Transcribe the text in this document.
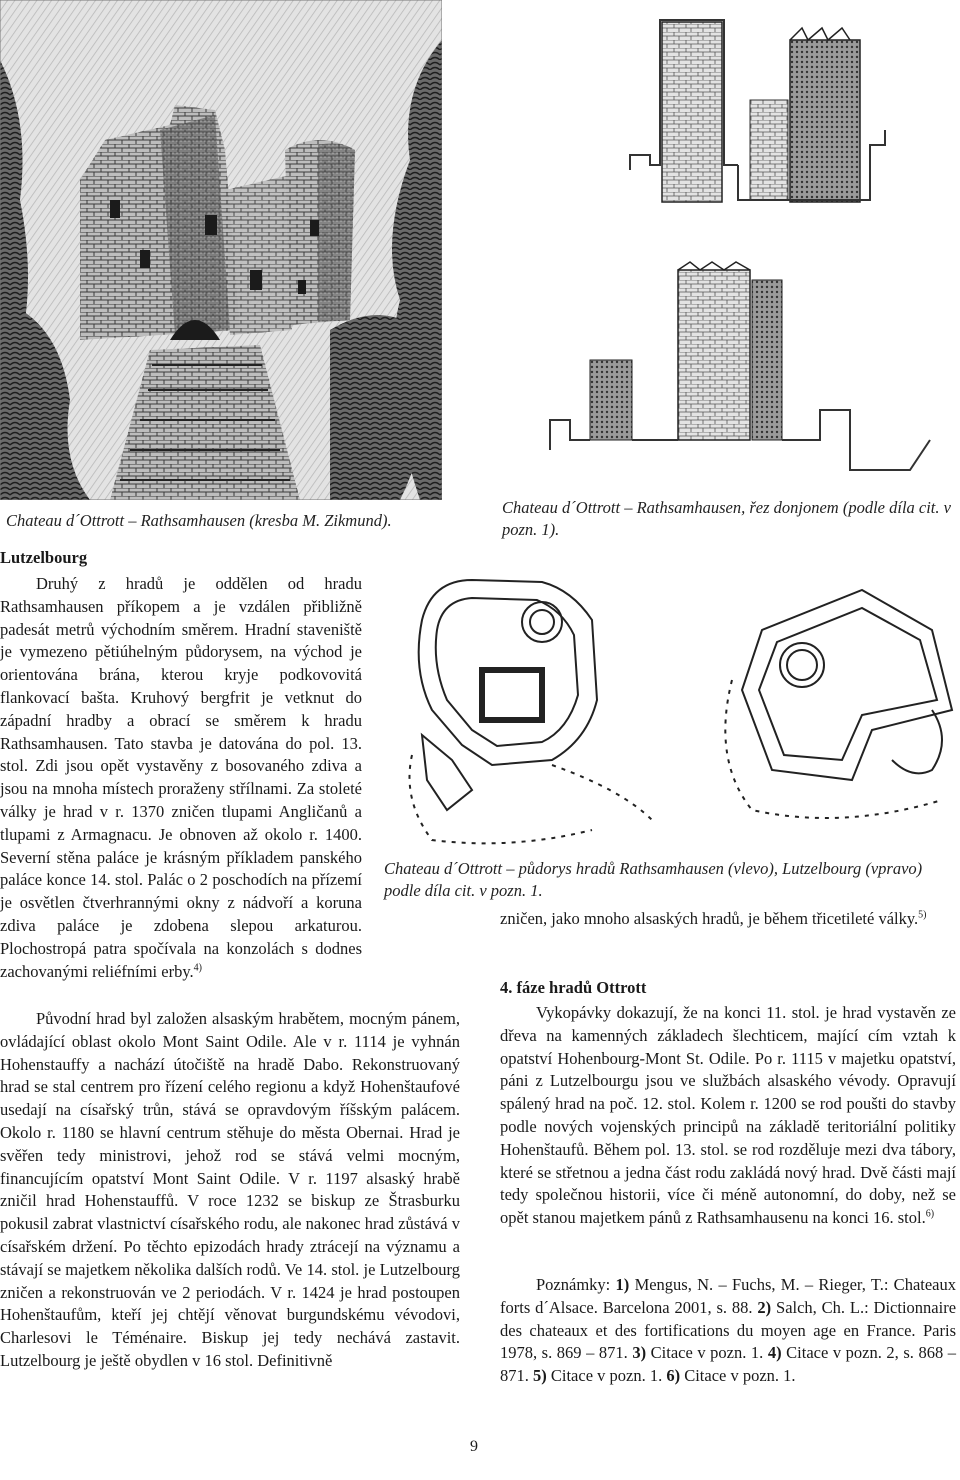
Chateau d´Ottrott – Rathsamhausen (kresba M. Zikmund).
Chateau d´Ottrott – Rathsamhausen, řez donjonem (podle díla cit. v pozn. 1).
Chateau d´Ottrott – půdorys hradů Rathsamhausen (vlevo), Lutzelbourg (vpravo) podle díla cit. v pozn. 1.
Lutzelbourg

Druhý z hradů je oddělen od hradu Rathsamhausen příkopem a je vzdálen přibližně padesát metrů východním směrem. Hradní staveniště je vymezeno pětiúhelným půdorysem, na východ je orientována brána, kterou kryje podkovovitá flankovací bašta. Kruhový bergfrit je vetknut do západní hradby a obrací se směrem k hradu Rathsamhausen. Tato stavba je datována do pol. 13. stol. Zdi jsou opět vystavěny z bosovaného zdiva a jsou na mnoha místech proraženy střílnami. Za stoleté války je hrad v r. 1370 zničen tlupami Angličanů a tlupami z Armagnacu. Je obnoven až okolo r. 1400. Severní stěna paláce je krásným příkladem panského paláce konce 14. stol. Palác o 2 poschodích na přízemí je osvětlen čtverhrannými okny z nádvoří a koruna zdiva paláce je zdobena slepou arkaturou. Plochostropá patra spočívala na konzolách s dodnes zachovanými reliéfními erby.$^{4)}$

Původní hrad byl založen alsaským hrabětem, mocným pánem, ovládající oblast okolo Mont Saint Odile. Ale v r. 1114 je vyhnán Hohenstauffy a nachází útočiště na hradě Dabo. Rekonstruovaný hrad se stal centrem pro řízení celého regionu a když Hohenštaufové usedají na císařský trůn, stává se opravdovým říšským palácem. Okolo r. 1180 se hlavní centrum stěhuje do města Obernai. Hrad je svěřen tedy ministrovi, jehož rod se stává velmi mocným, financujícím opatství Mont Saint Odile. V r. 1197 alsaský hrabě zničil hrad Hohenstauffů. V roce 1232 se biskup ze Štrasburku pokusil zabrat vlastnictví císařského rodu, ale nakonec hrad zůstává v císařském držení. Po těchto epizodách hrady ztrácejí na významu a stávají se majetkem několika dalších rodů. Ve 14. stol. je Lutzelbourg zničen a rekonstruován ve 2 periodách. V r. 1424 je hrad postoupen Hohenštaufům, kteří jej chtějí věnovat burgundskému vévodovi, Charlesovi le Téménaire. Biskup jej tedy nechává zastavit. Lutzelbourg je ještě obydlen v 16 stol. Definitivně

zničen, jako mnoho alsaských hradů, je během třicetileté války.$^{5)}$

4. fáze hradů Ottrott

Vykopávky dokazují, že na konci 11. stol. je hrad vystavěn ze dřeva na kamenných základech šlechticem, mající cím vztah k opatství Hohenbourg-Mont St. Odile. Po r. 1115 v majetku opatství, páni z Lutzelbourgu jsou ve službách alsaského vévody. Opravují spálený hrad na poč. 12. stol. Kolem r. 1200 se rod poušti do stavby podle nových vojenských principů na základě teritoriální politiky Hohenštaufů. Během pol. 13. stol. se rod rozděluje mezi dva tábory, které se střetnou a jedna část rodu zakládá nový hrad. Dvě části mají tedy společnou historii, více či méně autonomní, do doby, než se opět stanou majetkem pánů z Rathsamhausenu na konci 16. stol.$^{6)}$

Poznámky: 1) Mengus, N. – Fuchs, M. – Rieger, T.: Chateaux forts d´Alsace. Barcelona 2001, s. 88. 2) Salch, Ch. L.: Dictionnaire des chateaux et des fortifications du moyen age en France. Paris 1978, s. 869 – 871. 3) Citace v pozn. 1. 4) Citace v pozn. 2, s. 868 – 871. 5) Citace v pozn. 1. 6) Citace v pozn. 1.

9
